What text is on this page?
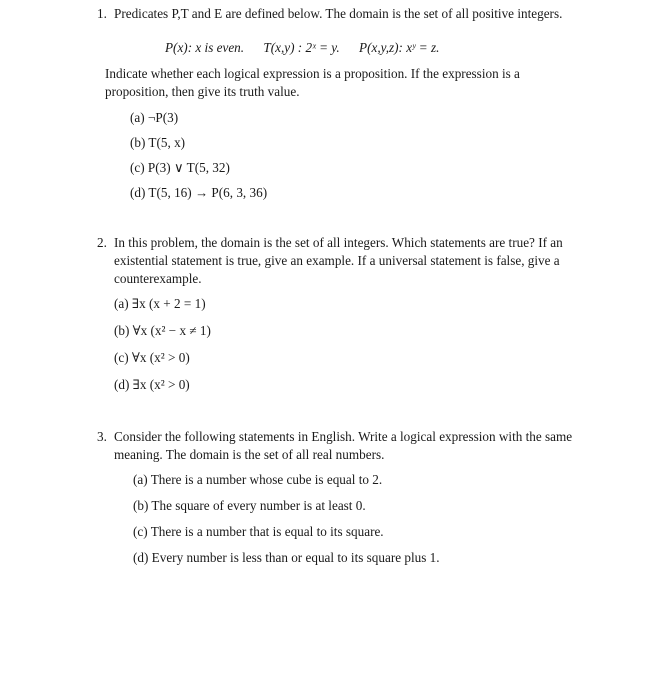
1. Predicates P,T and E are defined below. The domain is the set of all positive integers.
P(x): x is even. T(x,y) : 2ˣ = y. P(x,y,z): xʸ = z.
Indicate whether each logical expression is a proposition. If the expression is a proposition, then give its truth value.
(a) ¬P(3)
(b) T(5, x)
(c) P(3) ∨ T(5, 32)
(d) T(5, 16) → P(6, 3, 36)
2. In this problem, the domain is the set of all integers. Which statements are true? If an existential statement is true, give an example. If a universal statement is false, give a counterexample.
(a) ∃x (x + 2 = 1)
(b) ∀x (x² − x ≠ 1)
(c) ∀x (x² > 0)
(d) ∃x (x² > 0)
3. Consider the following statements in English. Write a logical expression with the same meaning. The domain is the set of all real numbers.
(a) There is a number whose cube is equal to 2.
(b) The square of every number is at least 0.
(c) There is a number that is equal to its square.
(d) Every number is less than or equal to its square plus 1.
